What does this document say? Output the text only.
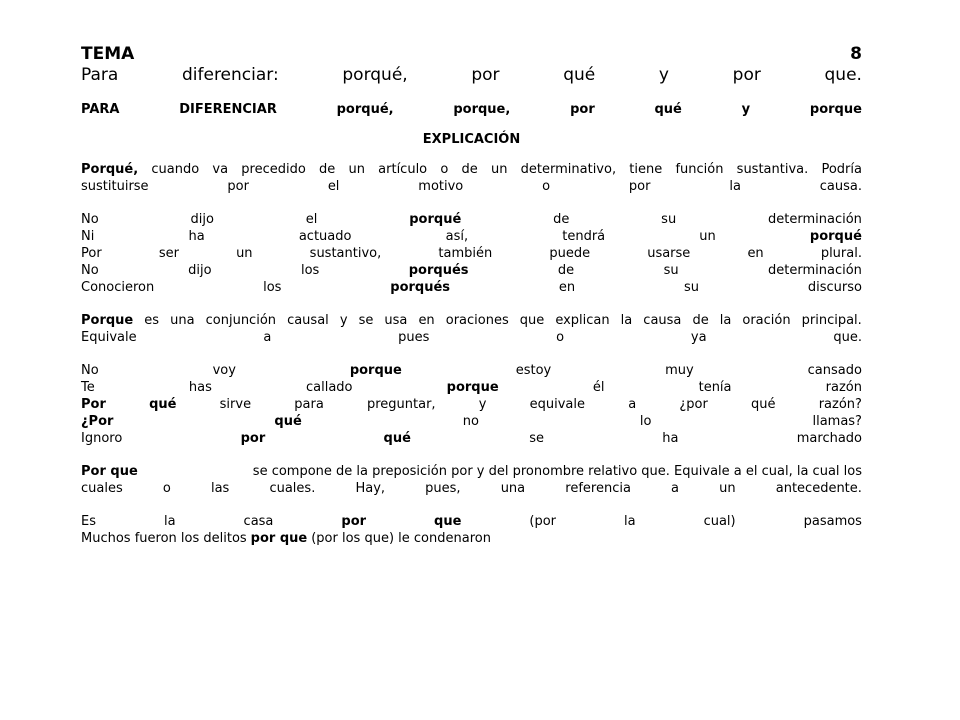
TEMA	8
Para	diferenciar:	porqué,	por	qué	y	por	que.
PARA	DIFERENCIAR	porqué,	porque,	por	qué	y	porque
EXPLICACIÓN
Porqué, cuando va precedido de un artículo o de un determinativo, tiene función sustantiva. Podría
sustituirse	por	el	motivo	o	por	la	causa.
No	dijo	el	porqué	de	su	determinación
Ni	ha	actuado	así,	tendrá	un	porqué
Por	ser	un	sustantivo,	también	puede	usarse	en	plural.
No	dijo	los	porqués	de	su	determinación
Conocieron	los	porqués	en	su	discurso
Porque es una conjunción causal y se usa en oraciones que explican la causa de la oración principal.
Equivale	a	pues	o	ya	que.
No	voy	porque	estoy	muy	cansado
Te	has	callado	porque	él	tenía	razón
Por	qué	sirve	para	preguntar,	y	equivale	a	¿por	qué	razón?
¿Por	qué	no	lo	llamas?
Ignoro	por	qué	se	ha	marchado
Por que	se compone de la preposición por y del pronombre relativo que. Equivale a el cual, la cual los
cuales	o	las	cuales.	Hay,	pues,	una	referencia	a	un	antecedente.
Es	la	casa	por	que	(por	la	cual)	pasamos
Muchos fueron los delitos por que (por los que) le condenaron
